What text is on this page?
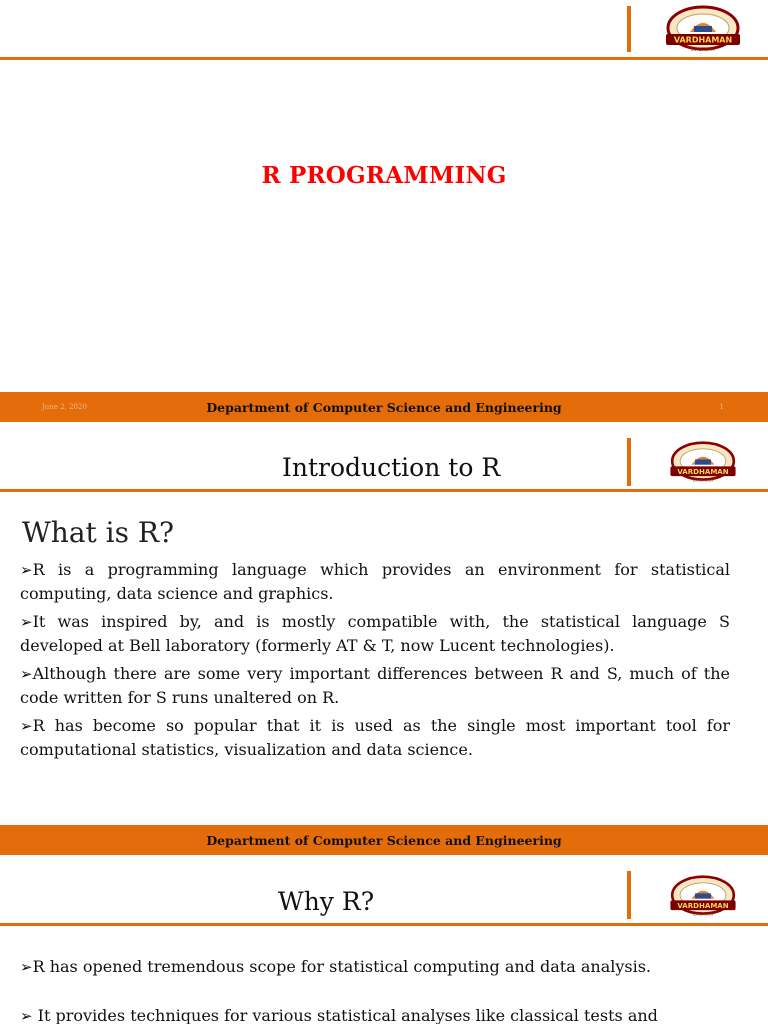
VARDHAMAN
ESTD: 1999
R PROGRAMMING
June 2, 2020	Department of Computer Science and Engineering	1
Introduction to R	VARDHAMAN
ESTD: 1999
What is R?
➢R is a programming language which provides an environment for statistical computing, data science and graphics.
➢It was inspired by, and is mostly compatible with, the statistical language S developed at Bell laboratory (formerly AT & T, now Lucent technologies).
➢Although there are some very important differences between R and S, much of the code written for S runs unaltered on R.
➢R has become so popular that it is used as the single most important tool for computational statistics, visualization and data science.
Department of Computer Science and Engineering
Why R?	VARDHAMAN
ESTD: 1999
➢R has opened tremendous scope for statistical computing and data analysis.
➢ It provides techniques for various statistical analyses like classical tests and
